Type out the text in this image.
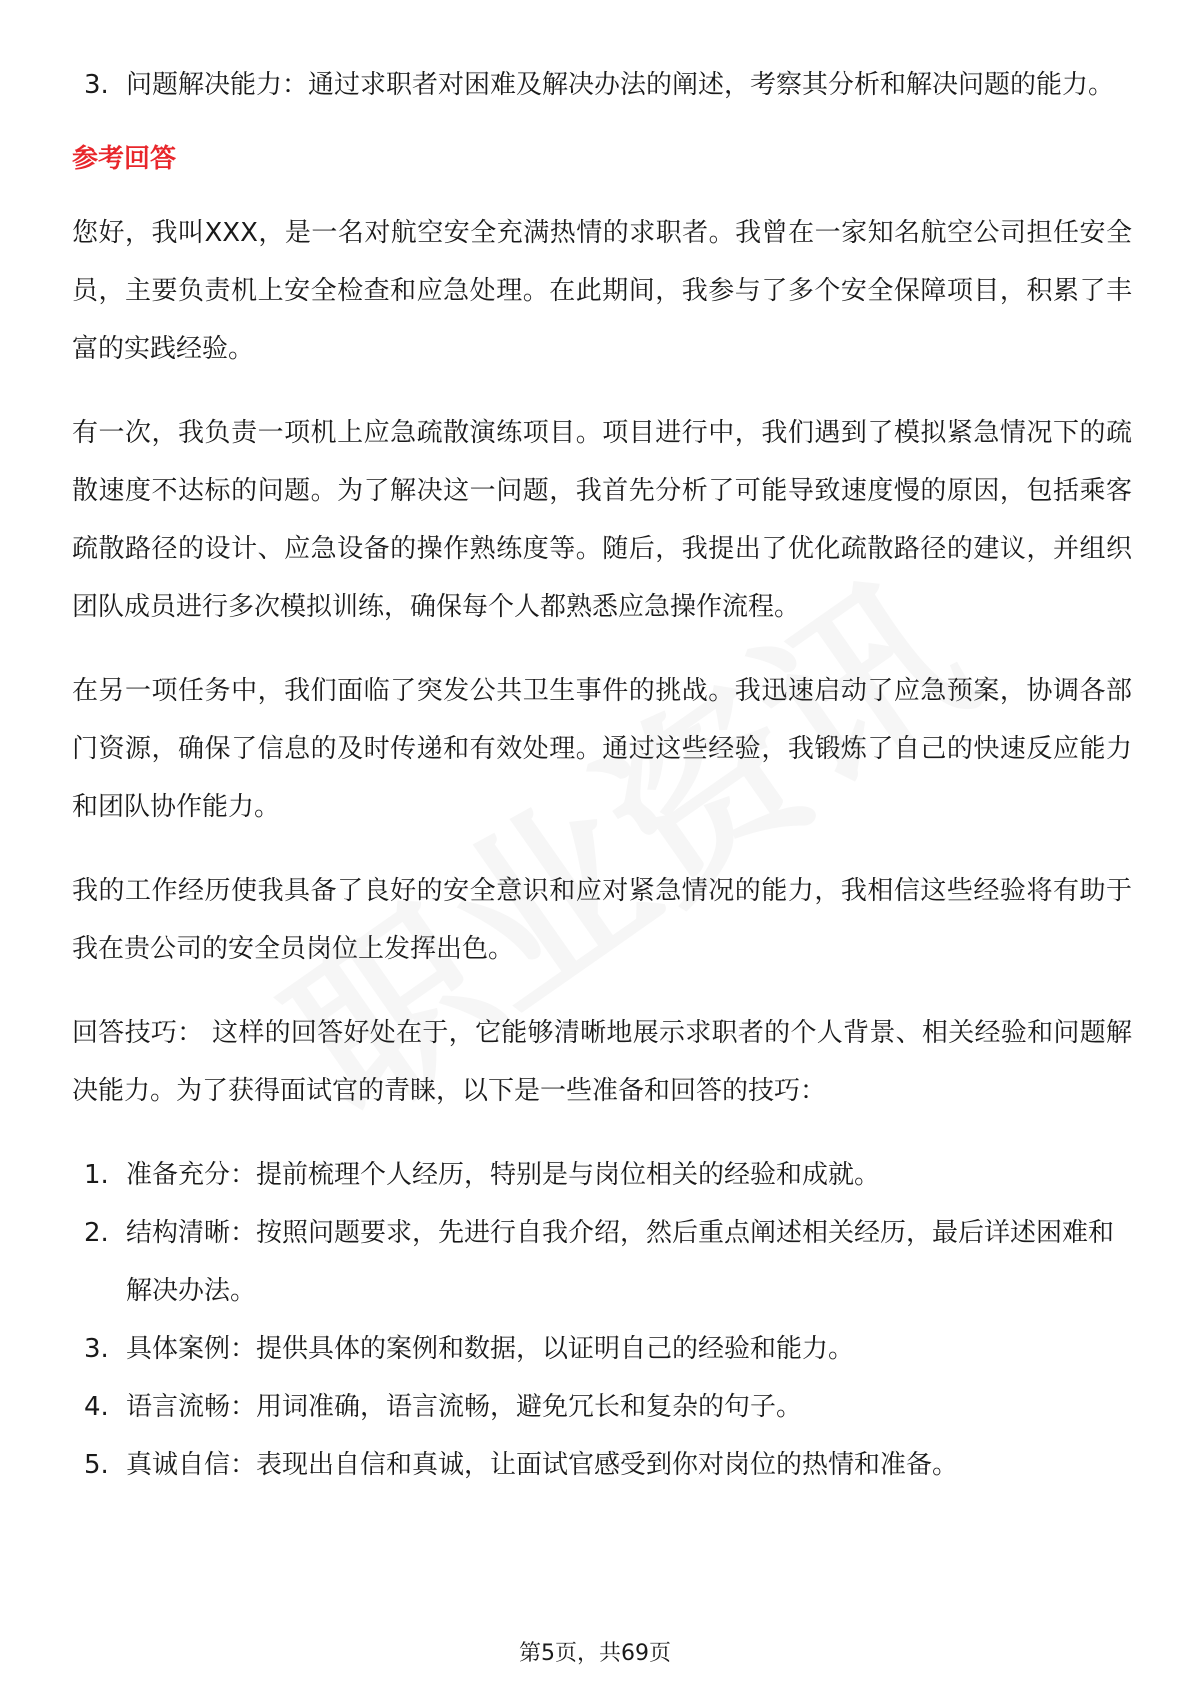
3. 问题解决能力：通过求职者对困难及解决办法的阐述，考察其分析和解决问题的能力。
参考回答

您好，我叫XXX，是一名对航空安全充满热情的求职者。我曾在一家知名航空公司担任安全员，主要负责机上安全检查和应急处理。在此期间，我参与了多个安全保障项目，积累了丰富的实践经验。

有一次，我负责一项机上应急疏散演练项目。项目进行中，我们遇到了模拟紧急情况下的疏散速度不达标的问题。为了解决这一问题，我首先分析了可能导致速度慢的原因，包括乘客疏散路径的设计、应急设备的操作熟练度等。随后，我提出了优化疏散路径的建议，并组织团队成员进行多次模拟训练，确保每个人都熟悉应急操作流程。

在另一项任务中，我们面临了突发公共卫生事件的挑战。我迅速启动了应急预案，协调各部门资源，确保了信息的及时传递和有效处理。通过这些经验，我锻炼了自己的快速反应能力和团队协作能力。

我的工作经历使我具备了良好的安全意识和应对紧急情况的能力，我相信这些经验将有助于我在贵公司的安全员岗位上发挥出色。

回答技巧： 这样的回答好处在于，它能够清晰地展示求职者的个人背景、相关经验和问题解决能力。为了获得面试官的青睐，以下是一些准备和回答的技巧：

1. 准备充分：提前梳理个人经历，特别是与岗位相关的经验和成就。
2. 结构清晰：按照问题要求，先进行自我介绍，然后重点阐述相关经历，最后详述困难和解决办法。
3. 具体案例：提供具体的案例和数据，以证明自己的经验和能力。
4. 语言流畅：用词准确，语言流畅，避免冗长和复杂的句子。
5. 真诚自信：表现出自信和真诚，让面试官感受到你对岗位的热情和准备。
第5页，共69页
